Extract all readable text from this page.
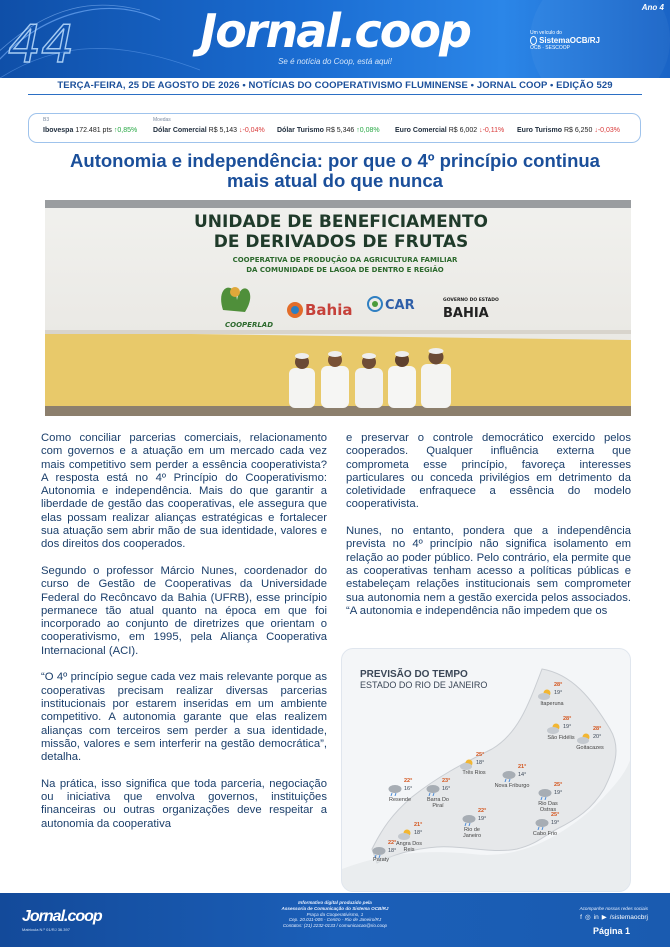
44	Jornal.coop
Se é notícia do Coop, está aqui!
Ano 4
Um veículo do
SistemaOCB/RJ
OCB · SESCOOP
TERÇA-FEIRA, 25 DE AGOSTO DE 2026 • NOTÍCIAS DO COOPERATIVISMO FLUMINENSE • JORNAL COOP • EDIÇÃO 529
B3	Moedas
Ibovespa 172.481 pts ↑0,85% Dólar Comercial R$ 5,143 ↓-0,04% Dólar Turismo R$ 5,346 ↑0,08% Euro Comercial R$ 6,002 ↓-0,11% Euro Turismo R$ 6,250 ↓-0,03%
Autonomia e independência: por que o 4º princípio continua mais atual do que nunca
UNIDADE DE BENEFICIAMENTO
DE DERIVADOS DE FRUTAS
COOPERATIVA DE PRODUÇÃO DA AGRICULTURA FAMILIAR
DA COMUNIDADE DE LAGOA DE DENTRO E REGIÃO
COOPERLAD
Bahia	CAR	GOVERNO DO ESTADO
BAHIA

Como conciliar parcerias comerciais, relacionamento com governos e a atuação em um mercado cada vez mais competitivo sem perder a essência cooperativista? A resposta está no 4º Princípio do Cooperativismo: Autonomia e independência. Mais do que garantir a liberdade de gestão das cooperativas, ele assegura que elas possam realizar alianças estratégicas e fortalecer sua atuação sem abrir mão de sua identidade, valores e dos direitos dos cooperados.

Segundo o professor Márcio Nunes, coordenador do curso de Gestão de Cooperativas da Universidade Federal do Recôncavo da Bahia (UFRB), esse princípio permanece tão atual quanto na época em que foi incorporado ao conjunto de diretrizes que orientam o cooperativismo, em 1995, pela Aliança Cooperativa Internacional (ACI).

“O 4º princípio segue cada vez mais relevante porque as cooperativas precisam realizar diversas parcerias institucionais por estarem inseridas em um ambiente competitivo. A autonomia garante que elas realizem alianças com terceiros sem perder a sua identidade, missão, valores e sem interferir na gestão democrática”, detalha.

Na prática, isso significa que toda parceria, negociação ou iniciativa que envolva governos, instituições financeiras ou outras organizações deve respeitar a autonomia da cooperativa

e preservar o controle democrático exercido pelos cooperados. Qualquer influência externa que comprometa esse princípio, favoreça interesses particulares ou conceda privilégios em detrimento da coletividade enfraquece a essência do modelo cooperativista.

Nunes, no entanto, pondera que a independência prevista no 4º princípio não significa isolamento em relação ao poder público. Pelo contrário, ela permite que as cooperativas tenham acesso a políticas públicas e estabeleçam relações institucionais sem comprometer sua autonomia nem a gestão exercida pelos associados. “A autonomia e independência não impedem que os

PREVISÃO DO TEMPO
ESTADO DO RIO DE JANEIRO	28°
19°
Itaperuna
28°
19°
São Fidélis
28°
20°
Goitacazes
25°
18°
Três Rios
21°
14°
Nova Friburgo
22°
16°
Resende
23°
16°
Barra Do Piraí
25°
19°
Rio Das Ostras
22°
19°
Rio de Janeiro
25°
19°
Cabo Frio
21°
18°
Angra Dos Reis
22°
18°
Paraty
Jornal.coop
Matrícula N.º 01/RJ 36.397
Informativo digital produzido pela
Assessoria de Comunicação do Sistema OCB/RJ
Praça da Cooperativismo, 1
Cep. 20.011-005 - Centro - Rio de Janeiro/RJ
Contatos: (21) 2232-0133 / comunicacao@rio.coop
Acompanhe nossas redes sociais
f ◎ in ▶ /sistemaocbrj
Página 1
